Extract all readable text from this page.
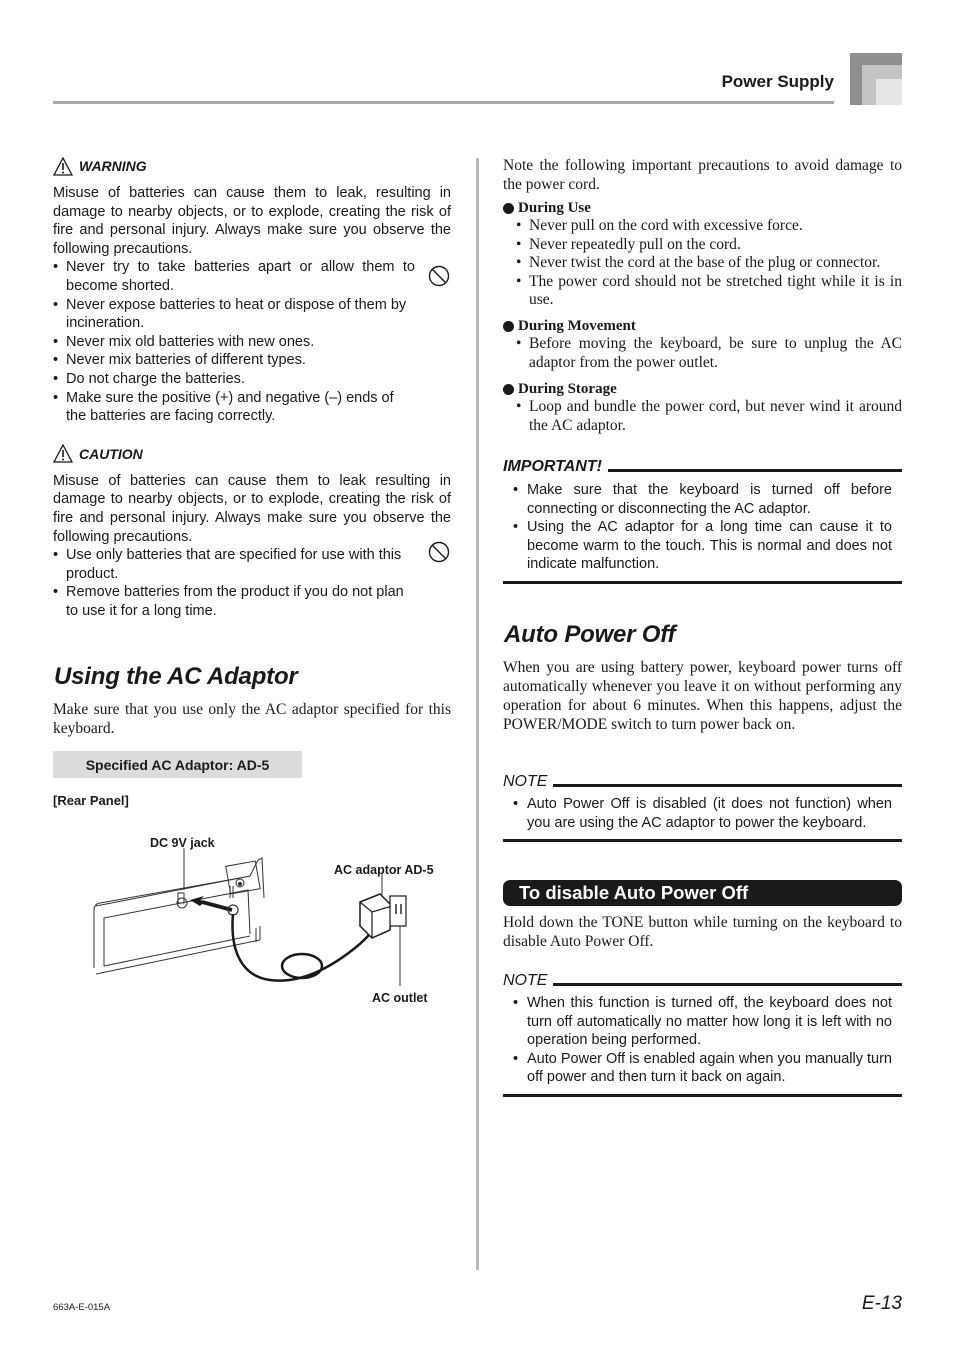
Power Supply
WARNING

Misuse of batteries can cause them to leak, resulting in damage to nearby objects, or to explode, creating the risk of fire and personal injury. Always make sure you observe the following precautions.

• Never try to take batteries apart or allow them to become shorted.
• Never expose batteries to heat or dispose of them by incineration.
• Never mix old batteries with new ones.
• Never mix batteries of different types.
• Do not charge the batteries.
• Make sure the positive (+) and negative (–) ends of the batteries are facing correctly.
CAUTION

Misuse of batteries can cause them to leak resulting in damage to nearby objects, or to explode, creating the risk of fire and personal injury. Always make sure you observe the following precautions.

• Use only batteries that are specified for use with this product.
• Remove batteries from the product if you do not plan to use it for a long time.
Using the AC Adaptor
Make sure that you use only the AC adaptor specified for this keyboard.
Specified AC Adaptor: AD-5
[Rear Panel]
DC 9V jack
AC adaptor AD-5
AC outlet
Note the following important precautions to avoid damage to the power cord.
During Use
• Never pull on the cord with excessive force.
• Never repeatedly pull on the cord.
• Never twist the cord at the base of the plug or connector.
• The power cord should not be stretched tight while it is in use.
During Movement
• Before moving the keyboard, be sure to unplug the AC adaptor from the power outlet.
During Storage
• Loop and bundle the power cord, but never wind it around the AC adaptor.
IMPORTANT!
• Make sure that the keyboard is turned off before connecting or disconnecting the AC adaptor.
• Using the AC adaptor for a long time can cause it to become warm to the touch. This is normal and does not indicate malfunction.
Auto Power Off
When you are using battery power, keyboard power turns off automatically whenever you leave it on without performing any operation for about 6 minutes. When this happens, adjust the POWER/MODE switch to turn power back on.
NOTE
• Auto Power Off is disabled (it does not function) when you are using the AC adaptor to power the keyboard.
To disable Auto Power Off
Hold down the TONE button while turning on the keyboard to disable Auto Power Off.
NOTE
• When this function is turned off, the keyboard does not turn off automatically no matter how long it is left with no operation being performed.
• Auto Power Off is enabled again when you manually turn off power and then turn it back on again.
663A-E-015A	E-13
